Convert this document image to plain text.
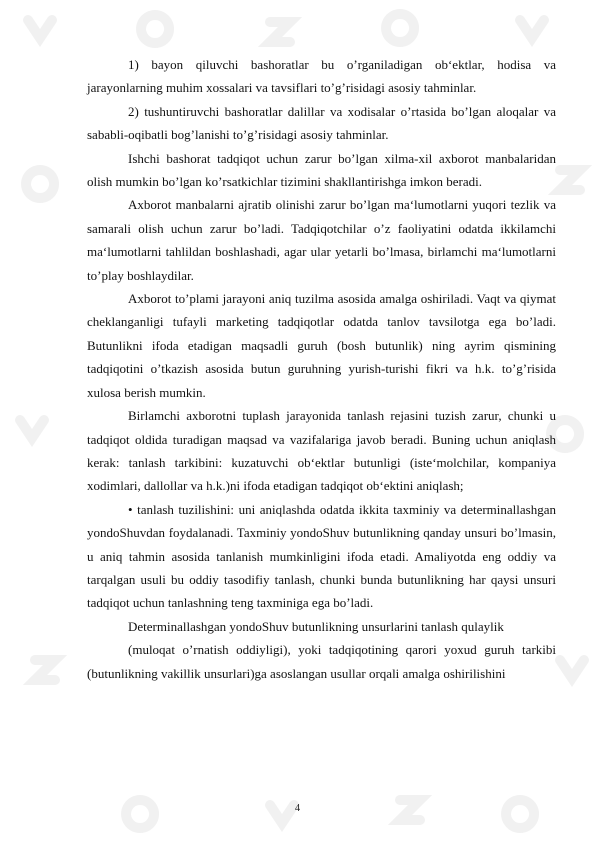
1) bayon qiluvchi bashoratlar bu o’rganiladigan ob‘ektlar, hodisa va jarayonlarning muhim xossalari va tavsiflari to’g’risidagi asosiy tahminlar.

2) tushuntiruvchi bashoratlar dalillar va xodisalar o’rtasida bo’lgan aloqalar va sababli-oqibatli bog’lanishi to’g’risidagi asosiy tahminlar.

Ishchi bashorat tadqiqot uchun zarur bo’lgan xilma-xil axborot manbalaridan olish mumkin bo’lgan ko’rsatkichlar tizimini shakllantirishga imkon beradi.

Axborot manbalarni ajratib olinishi zarur bo’lgan ma‘lumotlarni yuqori tezlik va samarali olish uchun zarur bo’ladi. Tadqiqotchilar o’z faoliyatini odatda ikkilamchi ma‘lumotlarni tahlildan boshlashadi, agar ular yetarli bo’lmasa, birlamchi ma‘lumotlarni to’play boshlaydilar.

Axborot to’plami jarayoni aniq tuzilma asosida amalga oshiriladi. Vaqt va qiymat cheklanganligi tufayli marketing tadqiqotlar odatda tanlov tavsilotga ega bo’ladi. Butunlikni ifoda etadigan maqsadli guruh (bosh butunlik) ning ayrim qismining tadqiqotini o’tkazish asosida butun guruhning yurish-turishi fikri va h.k. to’g’risida xulosa berish mumkin.

Birlamchi axborotni tuplash jarayonida tanlash rejasini tuzish zarur, chunki u tadqiqot oldida turadigan maqsad va vazifalariga javob beradi. Buning uchun aniqlash kerak: tanlash tarkibini: kuzatuvchi ob‘ektlar butunligi (iste‘molchilar, kompaniya xodimlari, dallollar va h.k.)ni ifoda etadigan tadqiqot ob‘ektini aniqlash;

• tanlash tuzilishini: uni aniqlashda odatda ikkita taxminiy va determinallashgan yondoShuvdan foydalanadi. Taxminiy yondoShuv butunlikning qanday unsuri bo’lmasin, u aniq tahmin asosida tanlanish mumkinligini ifoda etadi. Amaliyotda eng oddiy va tarqalgan usuli bu oddiy tasodifiy tanlash, chunki bunda butunlikning har qaysi unsuri tadqiqot uchun tanlashning teng taxminiga ega bo’ladi.

Determinallashgan yondoShuv butunlikning unsurlarini tanlash qulaylik

(muloqat o’rnatish oddiyligi), yoki tadqiqotining qarori yoxud guruh tarkibi (butunlikning vakillik unsurlari)ga asoslangan usullar orqali amalga oshirilishini

4
